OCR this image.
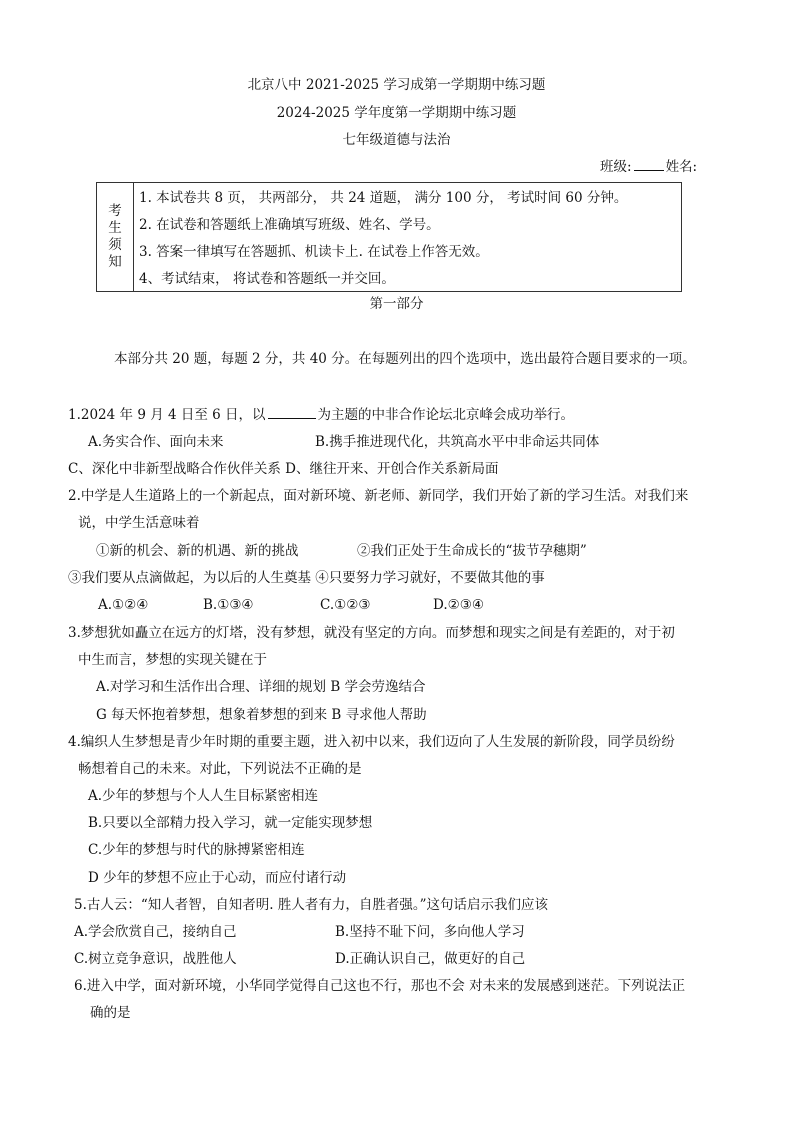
北京八中 2021-2025 学习成第一学期期中练习题
2024-2025 学年度第一学期期中练习题
七年级道德与法治
班级:	姓名:
考
生
须
知
1. 本试卷共 8 页， 共两部分， 共 24 道题， 满分 100 分， 考试时间 60 分钟。
2. 在试卷和答题纸上准确填写班级、姓名、学号。
3. 答案一律填写在答题抓、机读卡上. 在试卷上作答无效。
4、考试结束， 将试卷和答题纸一并交回。
第一部分
本部分共 20 题，每题 2 分，共 40 分。在每题列出的四个选项中，选出最符合题目要求的一项。
1.2024 年 9 月 4 日至 6 日，以	为主题的中非合作论坛北京峰会成功举行。
A.务实合作、面向未来	B.携手推进现代化，共筑高水平中非命运共同体
C、深化中非新型战略合作伙伴关系 D、继往开来、开创合作关系新局面
2.中学是人生道路上的一个新起点，面对新环境、新老师、新同学，我们开始了新的学习生活。对我们来
说，中学生活意味着
①新的机会、新的机遇、新的挑战	②我们正处于生命成长的“拔节孕穗期”
③我们要从点滴做起，为以后的人生奠基 ④只要努力学习就好，不要做其他的事
A.①②④	B.①③④	C.①②③	D.②③④
3.梦想犹如矗立在远方的灯塔，没有梦想，就没有坚定的方向。而梦想和现实之间是有差距的，对于初
中生而言，梦想的实现关键在于
A.对学习和生活作出合理、详细的规划 B 学会劳逸结合
G 每天怀抱着梦想，想象着梦想的到来 B 寻求他人帮助
4.编织人生梦想是青少年时期的重要主题，进入初中以来，我们迈向了人生发展的新阶段，同学员纷纷
畅想着自己的未来。对此，下列说法不正确的是
A.少年的梦想与个人人生目标紧密相连
B.只要以全部精力投入学习，就一定能实现梦想
C.少年的梦想与时代的脉搏紧密相连
D 少年的梦想不应止于心动，而应付诸行动
5.古人云：“知人者智，自知者明. 胜人者有力，自胜者强。”这句话启示我们应该
A.学会欣赏自己，接纳自己	B.坚持不耻下问，多向他人学习
C.树立竞争意识，战胜他人	D.正确认识自己，做更好的自己
6.进入中学，面对新环境，小华同学觉得自己这也不行，那也不会 对未来的发展感到迷茫。下列说法正
确的是
